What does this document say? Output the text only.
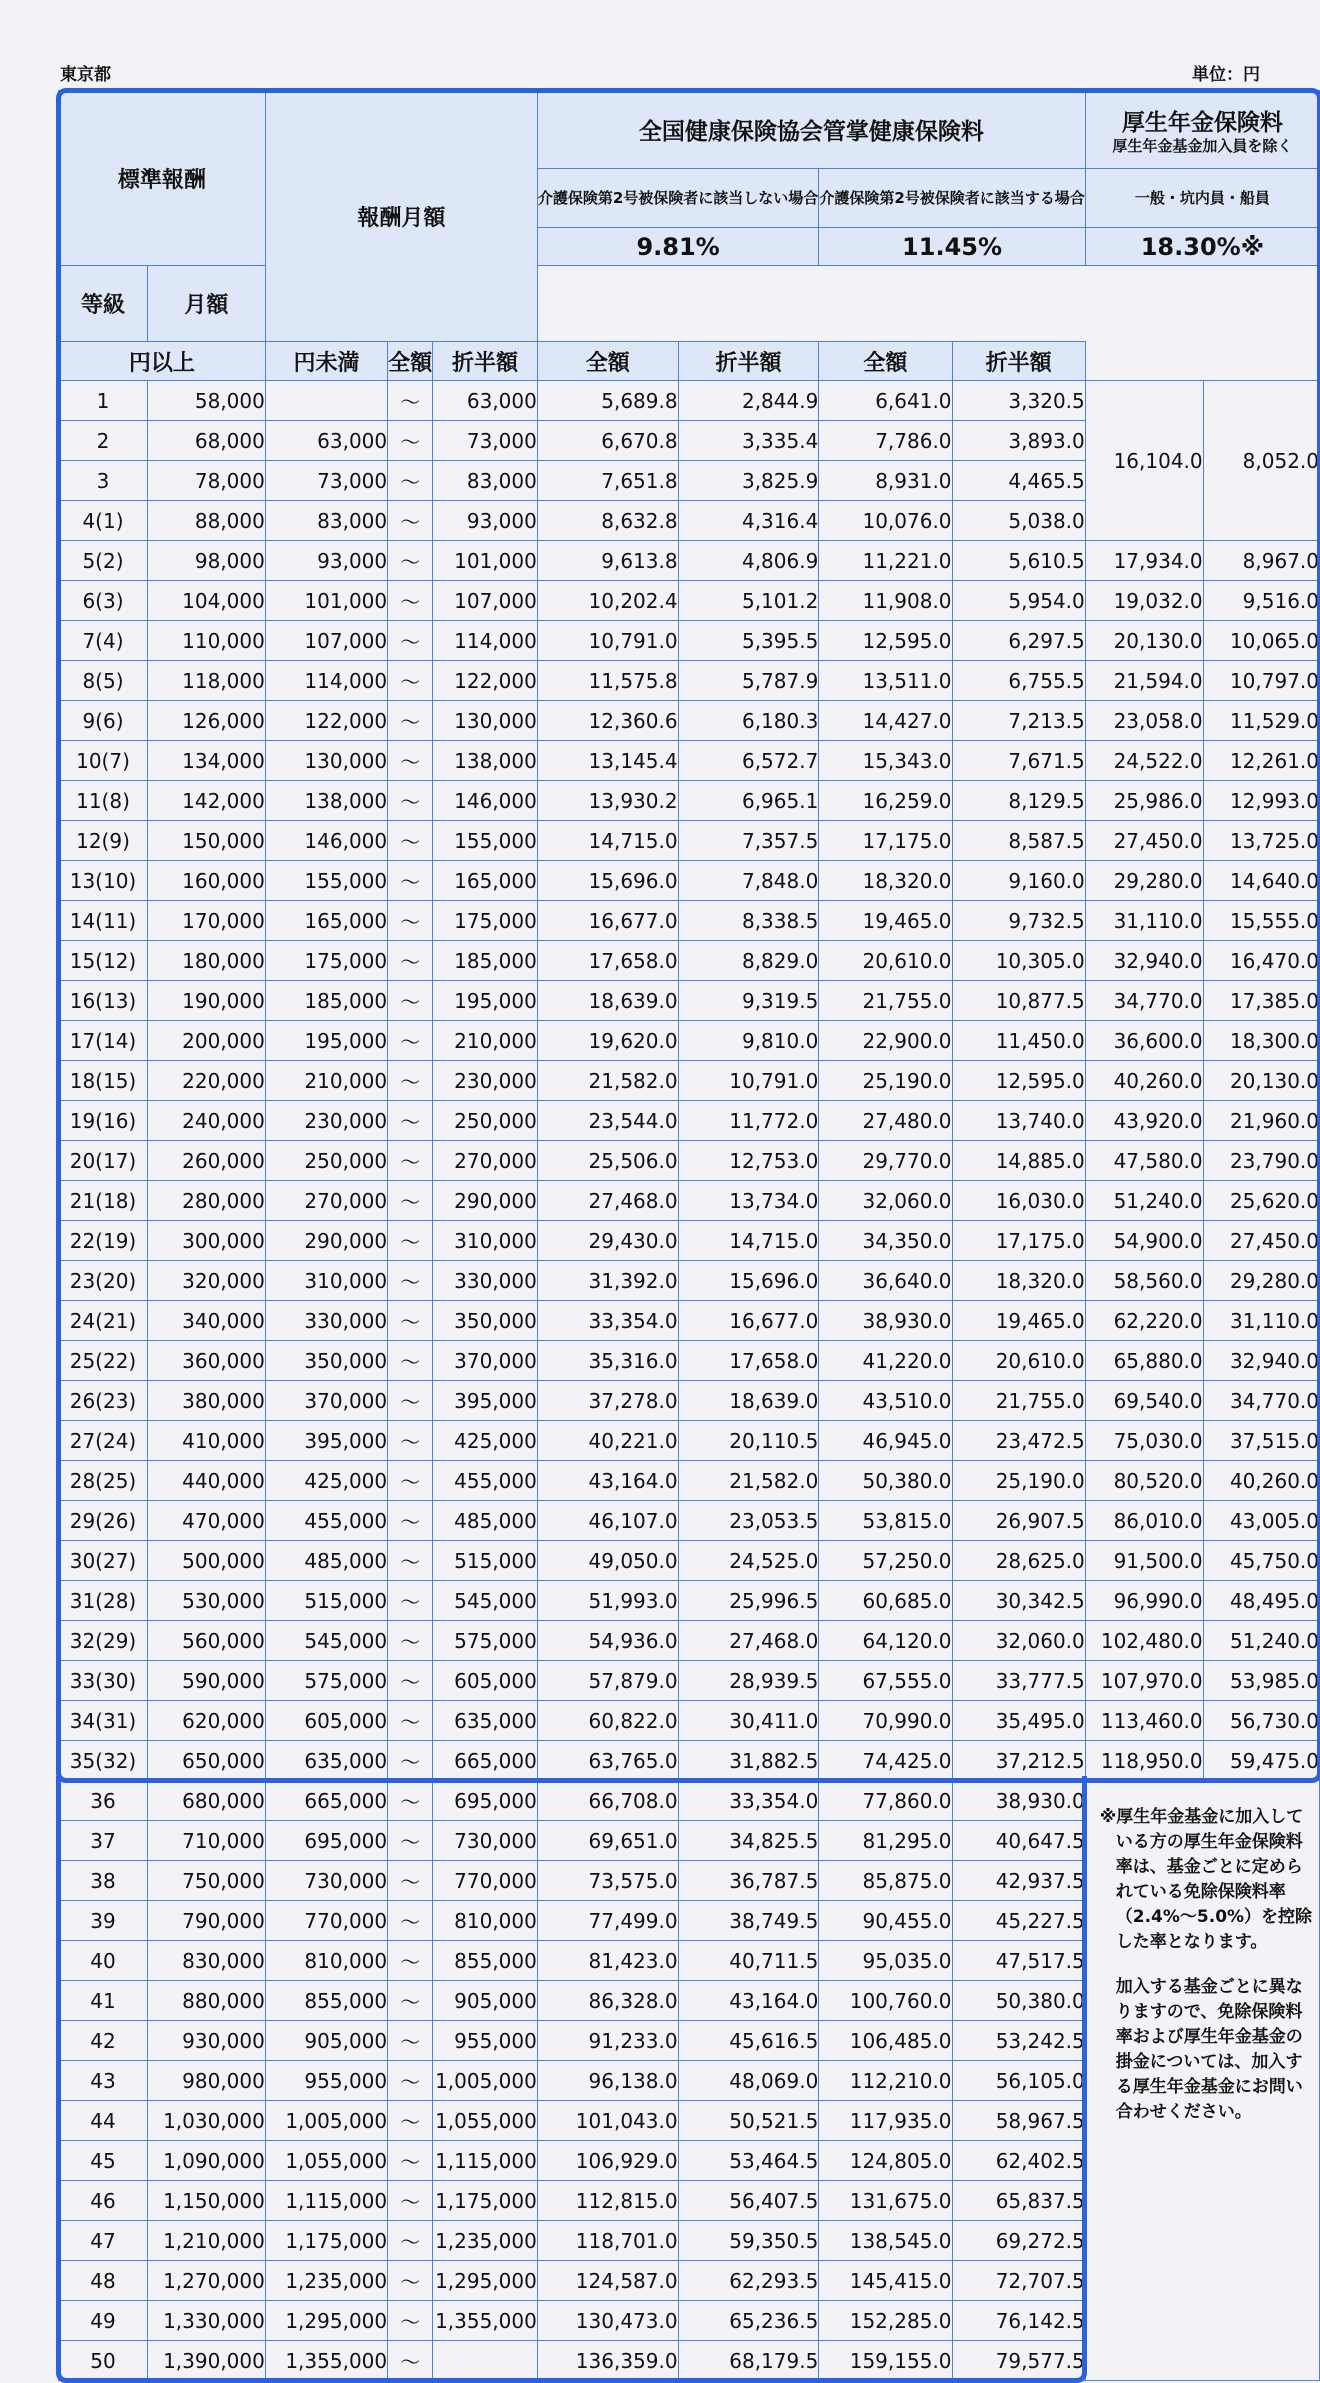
東京都	単位：円
標準報酬		報酬月額			全国健康保険協会管掌健康保険料				厚生年金保険料
厚生年金基金加入員を除く	

					介護保険第2号被保険者に該当しない場合		介護保険第2号被保険者に該当する場合		一般・坑内員・船員	
					9.81%		11.45%		18.30%※	
等級	月額								
円以上		円未満	全額	折半額	全額	折半額	全額	折半額		
1	58,000		〜	63,000	5,689.8	2,844.9	6,641.0	3,320.5	16,104.0	8,052.0
2	68,000	63,000	〜	73,000	6,670.8	3,335.4	7,786.0	3,893.0		
3	78,000	73,000	〜	83,000	7,651.8	3,825.9	8,931.0	4,465.5		
4(1)	88,000	83,000	〜	93,000	8,632.8	4,316.4	10,076.0	5,038.0		
5(2)	98,000	93,000	〜	101,000	9,613.8	4,806.9	11,221.0	5,610.5	17,934.0	8,967.0
6(3)	104,000	101,000	〜	107,000	10,202.4	5,101.2	11,908.0	5,954.0	19,032.0	9,516.0
7(4)	110,000	107,000	〜	114,000	10,791.0	5,395.5	12,595.0	6,297.5	20,130.0	10,065.0
8(5)	118,000	114,000	〜	122,000	11,575.8	5,787.9	13,511.0	6,755.5	21,594.0	10,797.0
9(6)	126,000	122,000	〜	130,000	12,360.6	6,180.3	14,427.0	7,213.5	23,058.0	11,529.0
10(7)	134,000	130,000	〜	138,000	13,145.4	6,572.7	15,343.0	7,671.5	24,522.0	12,261.0
11(8)	142,000	138,000	〜	146,000	13,930.2	6,965.1	16,259.0	8,129.5	25,986.0	12,993.0
12(9)	150,000	146,000	〜	155,000	14,715.0	7,357.5	17,175.0	8,587.5	27,450.0	13,725.0
13(10)	160,000	155,000	〜	165,000	15,696.0	7,848.0	18,320.0	9,160.0	29,280.0	14,640.0
14(11)	170,000	165,000	〜	175,000	16,677.0	8,338.5	19,465.0	9,732.5	31,110.0	15,555.0
15(12)	180,000	175,000	〜	185,000	17,658.0	8,829.0	20,610.0	10,305.0	32,940.0	16,470.0
16(13)	190,000	185,000	〜	195,000	18,639.0	9,319.5	21,755.0	10,877.5	34,770.0	17,385.0
17(14)	200,000	195,000	〜	210,000	19,620.0	9,810.0	22,900.0	11,450.0	36,600.0	18,300.0
18(15)	220,000	210,000	〜	230,000	21,582.0	10,791.0	25,190.0	12,595.0	40,260.0	20,130.0
19(16)	240,000	230,000	〜	250,000	23,544.0	11,772.0	27,480.0	13,740.0	43,920.0	21,960.0
20(17)	260,000	250,000	〜	270,000	25,506.0	12,753.0	29,770.0	14,885.0	47,580.0	23,790.0
21(18)	280,000	270,000	〜	290,000	27,468.0	13,734.0	32,060.0	16,030.0	51,240.0	25,620.0
22(19)	300,000	290,000	〜	310,000	29,430.0	14,715.0	34,350.0	17,175.0	54,900.0	27,450.0
23(20)	320,000	310,000	〜	330,000	31,392.0	15,696.0	36,640.0	18,320.0	58,560.0	29,280.0
24(21)	340,000	330,000	〜	350,000	33,354.0	16,677.0	38,930.0	19,465.0	62,220.0	31,110.0
25(22)	360,000	350,000	〜	370,000	35,316.0	17,658.0	41,220.0	20,610.0	65,880.0	32,940.0
26(23)	380,000	370,000	〜	395,000	37,278.0	18,639.0	43,510.0	21,755.0	69,540.0	34,770.0
27(24)	410,000	395,000	〜	425,000	40,221.0	20,110.5	46,945.0	23,472.5	75,030.0	37,515.0
28(25)	440,000	425,000	〜	455,000	43,164.0	21,582.0	50,380.0	25,190.0	80,520.0	40,260.0
29(26)	470,000	455,000	〜	485,000	46,107.0	23,053.5	53,815.0	26,907.5	86,010.0	43,005.0
30(27)	500,000	485,000	〜	515,000	49,050.0	24,525.0	57,250.0	28,625.0	91,500.0	45,750.0
31(28)	530,000	515,000	〜	545,000	51,993.0	25,996.5	60,685.0	30,342.5	96,990.0	48,495.0
32(29)	560,000	545,000	〜	575,000	54,936.0	27,468.0	64,120.0	32,060.0	102,480.0	51,240.0
33(30)	590,000	575,000	〜	605,000	57,879.0	28,939.5	67,555.0	33,777.5	107,970.0	53,985.0
34(31)	620,000	605,000	〜	635,000	60,822.0	30,411.0	70,990.0	35,495.0	113,460.0	56,730.0
35(32)	650,000	635,000	〜	665,000	63,765.0	31,882.5	74,425.0	37,212.5	118,950.0	59,475.0
36	680,000	665,000	〜	695,000	66,708.0	33,354.0	77,860.0	38,930.0	※厚生年金基金に加入している方の厚生年金保険料率は、基金ごとに定められている免除保険料率（2.4%〜5.0%）を控除した率となります。

加入する基金ごとに異なりますので、免除保険料率および厚生年金基金の掛金については、加入する厚生年金基金にお問い合わせください。	

37	710,000	695,000	〜	730,000	69,651.0	34,825.5	81,295.0	40,647.5		
38	750,000	730,000	〜	770,000	73,575.0	36,787.5	85,875.0	42,937.5		
39	790,000	770,000	〜	810,000	77,499.0	38,749.5	90,455.0	45,227.5		
40	830,000	810,000	〜	855,000	81,423.0	40,711.5	95,035.0	47,517.5		
41	880,000	855,000	〜	905,000	86,328.0	43,164.0	100,760.0	50,380.0		
42	930,000	905,000	〜	955,000	91,233.0	45,616.5	106,485.0	53,242.5		
43	980,000	955,000	〜	1,005,000	96,138.0	48,069.0	112,210.0	56,105.0		
44	1,030,000	1,005,000	〜	1,055,000	101,043.0	50,521.5	117,935.0	58,967.5		
45	1,090,000	1,055,000	〜	1,115,000	106,929.0	53,464.5	124,805.0	62,402.5		
46	1,150,000	1,115,000	〜	1,175,000	112,815.0	56,407.5	131,675.0	65,837.5		
47	1,210,000	1,175,000	〜	1,235,000	118,701.0	59,350.5	138,545.0	69,272.5		
48	1,270,000	1,235,000	〜	1,295,000	124,587.0	62,293.5	145,415.0	72,707.5		
49	1,330,000	1,295,000	〜	1,355,000	130,473.0	65,236.5	152,285.0	76,142.5		
50	1,390,000	1,355,000	〜		136,359.0	68,179.5	159,155.0	79,577.5		
